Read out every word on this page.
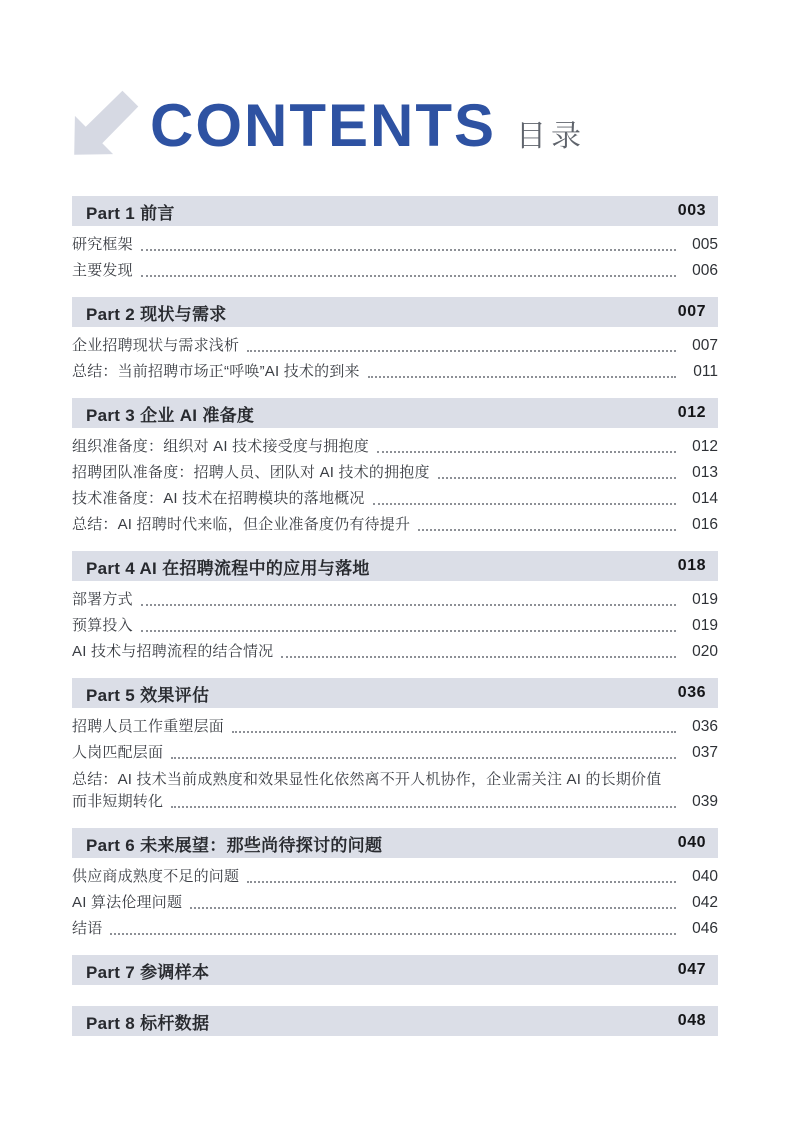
CONTENTS 目录
Part 1 前言	003
研究框架	005
主要发现	006
Part 2 现状与需求	007
企业招聘现状与需求浅析	007
总结：当前招聘市场正“呼唤”AI 技术的到来	011
Part 3 企业 AI 准备度	012
组织准备度：组织对 AI 技术接受度与拥抱度	012
招聘团队准备度：招聘人员、团队对 AI 技术的拥抱度	013
技术准备度：AI 技术在招聘模块的落地概况	014
总结：AI 招聘时代来临，但企业准备度仍有待提升	016
Part 4 AI 在招聘流程中的应用与落地	018
部署方式	019
预算投入	019
AI 技术与招聘流程的结合情况	020
Part 5 效果评估	036
招聘人员工作重塑层面	036
人岗匹配层面	037
总结：AI 技术当前成熟度和效果显性化依然离不开人机协作，企业需关注 AI 的长期价值
而非短期转化	039
Part 6 未来展望：那些尚待探讨的问题	040
供应商成熟度不足的问题	040
AI 算法伦理问题	042
结语	046
Part 7 参调样本	047
Part 8 标杆数据	048
